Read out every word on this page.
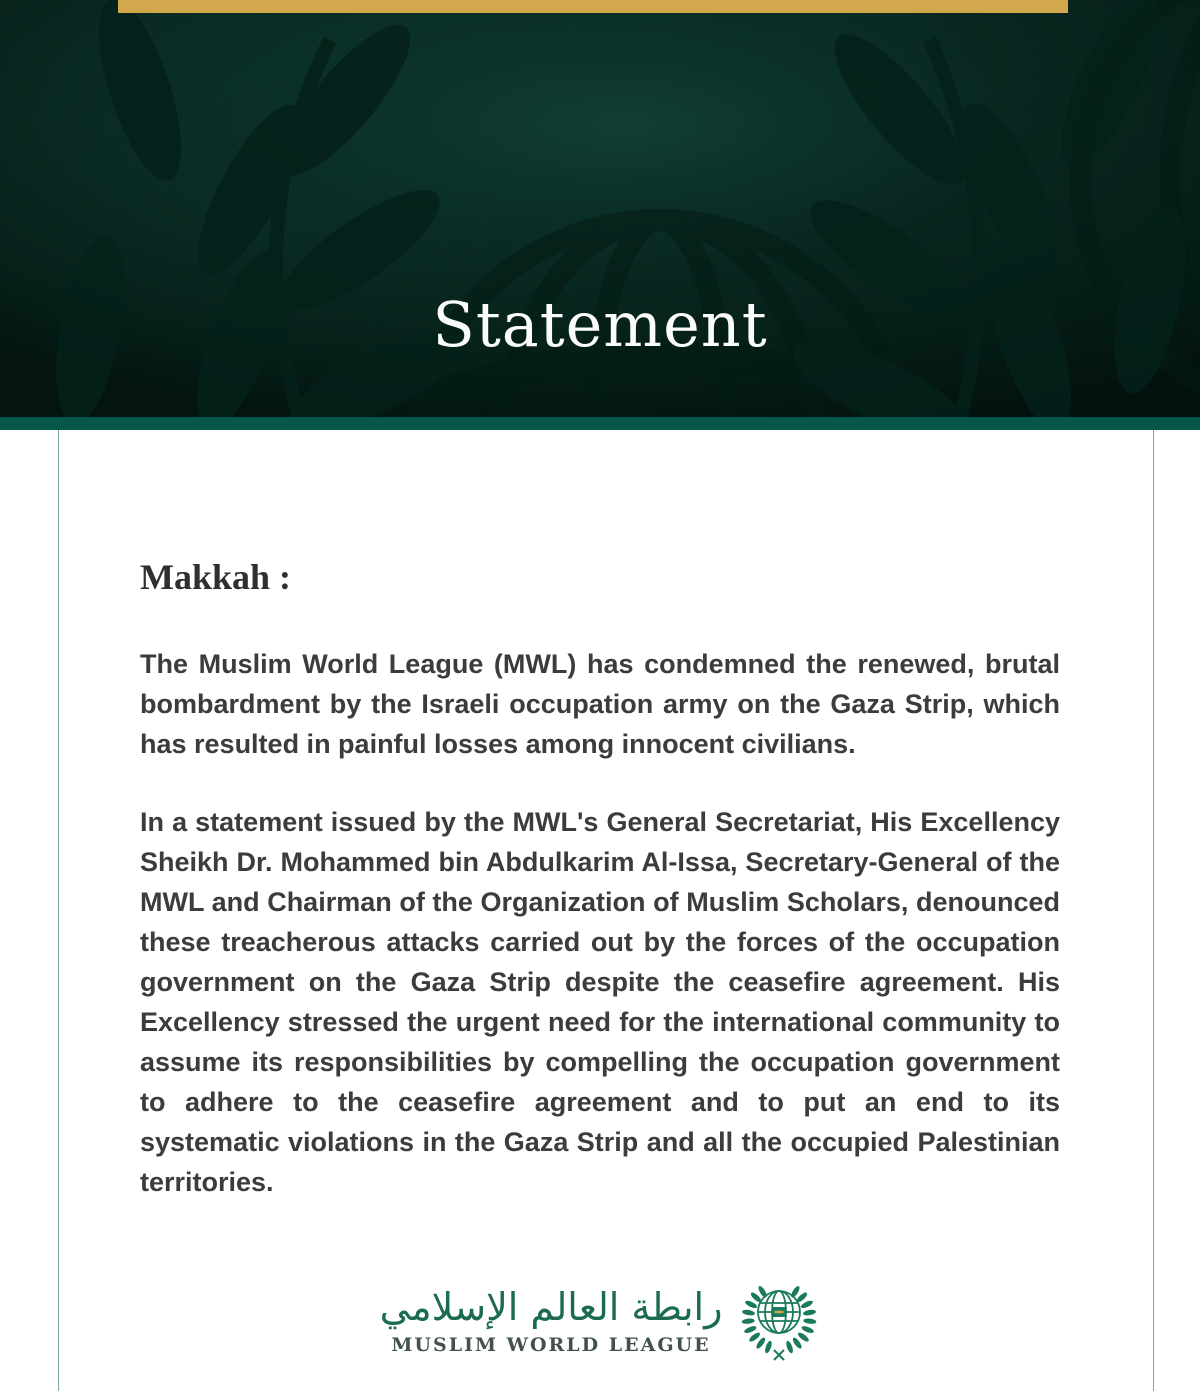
Statement
Makkah :

The Muslim World League (MWL) has condemned the renewed, brutal bombardment by the Israeli occupation army on the Gaza Strip, which has resulted in painful losses among innocent civilians.

In a statement issued by the MWL's General Secretariat, His Excellency Sheikh Dr. Mohammed bin Abdulkarim Al-Issa, Secretary-General of the MWL and Chairman of the Organization of Muslim Scholars, denounced these treacherous attacks carried out by the forces of the occupation government on the Gaza Strip despite the ceasefire agreement. His Excellency stressed the urgent need for the international community to assume its responsibilities by compelling the occupation government to adhere to the ceasefire agreement and to put an end to its systematic violations in the Gaza Strip and all the occupied Palestinian territories.

رابطة العالم الإسلامي
MUSLIM WORLD LEAGUE
